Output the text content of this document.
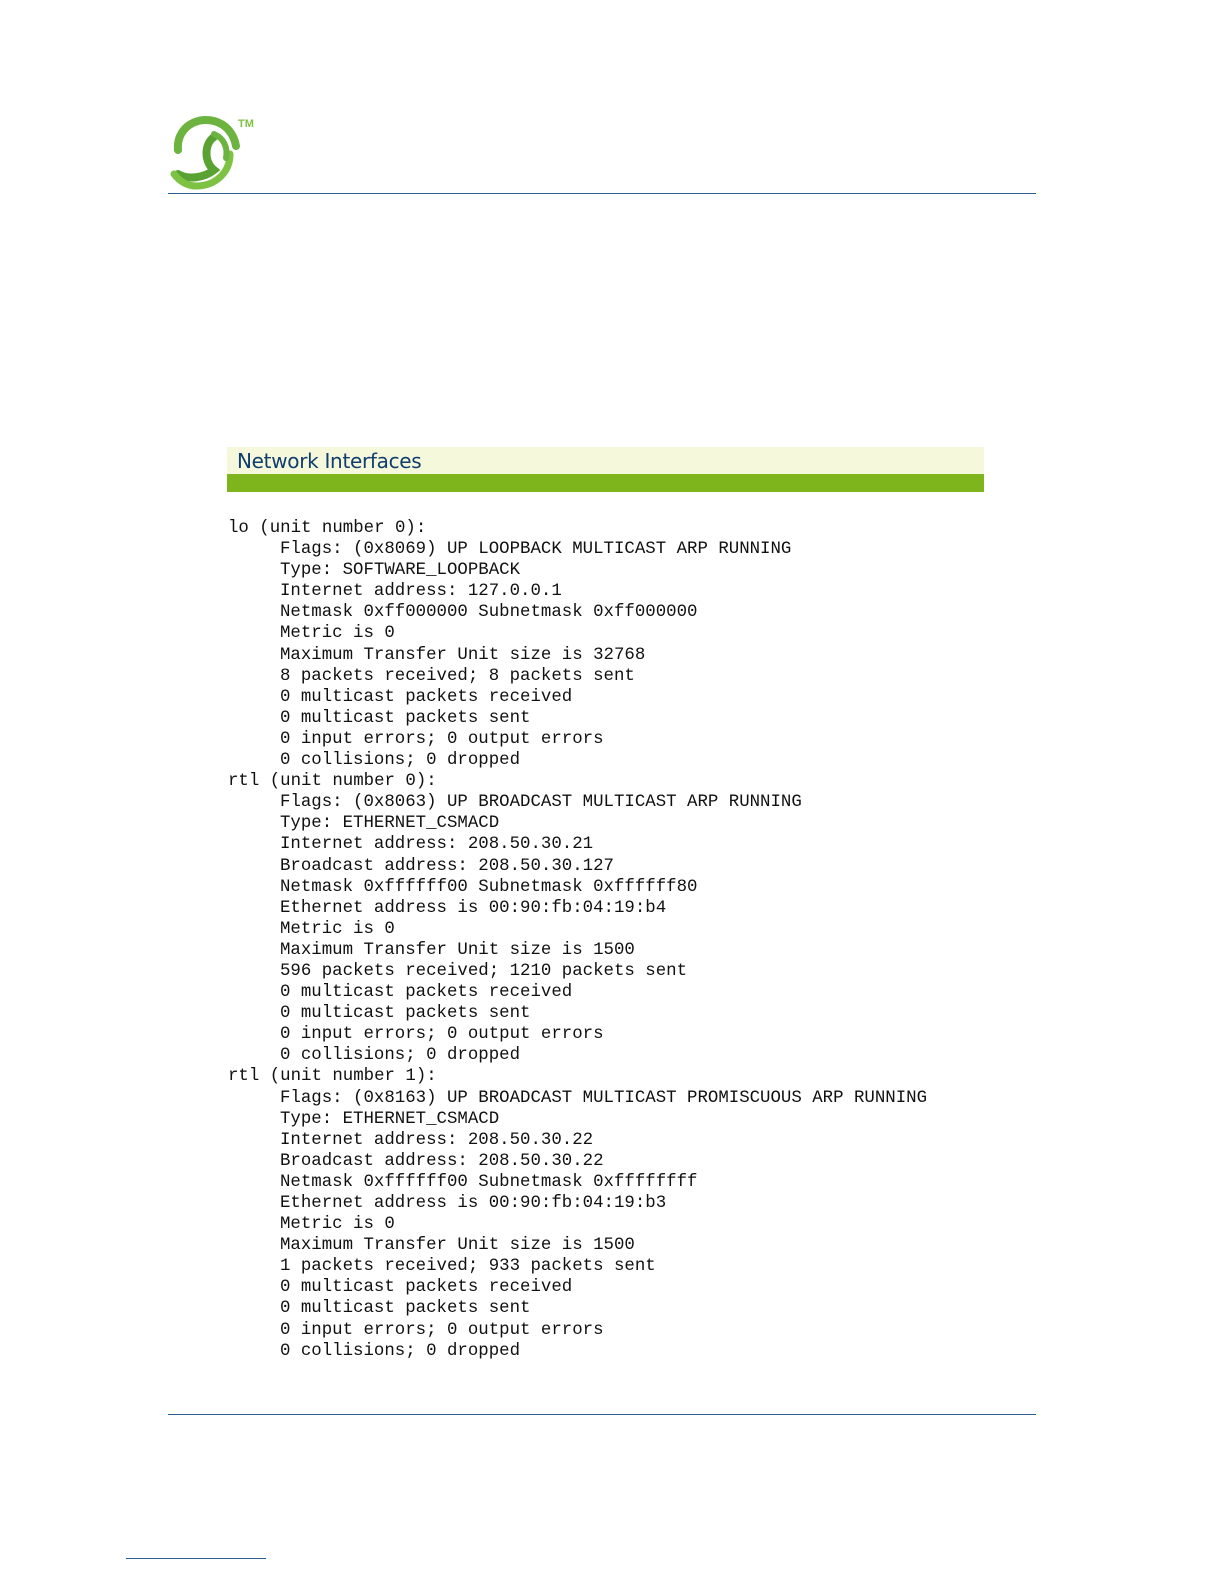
TM
Network Interfaces
lo (unit number 0):
Flags: (0x8069) UP LOOPBACK MULTICAST ARP RUNNING
Type: SOFTWARE_LOOPBACK
Internet address: 127.0.0.1
Netmask 0xff000000 Subnetmask 0xff000000
Metric is 0
Maximum Transfer Unit size is 32768
8 packets received; 8 packets sent
0 multicast packets received
0 multicast packets sent
0 input errors; 0 output errors
0 collisions; 0 dropped
rtl (unit number 0):
Flags: (0x8063) UP BROADCAST MULTICAST ARP RUNNING
Type: ETHERNET_CSMACD
Internet address: 208.50.30.21
Broadcast address: 208.50.30.127
Netmask 0xffffff00 Subnetmask 0xffffff80
Ethernet address is 00:90:fb:04:19:b4
Metric is 0
Maximum Transfer Unit size is 1500
596 packets received; 1210 packets sent
0 multicast packets received
0 multicast packets sent
0 input errors; 0 output errors
0 collisions; 0 dropped
rtl (unit number 1):
Flags: (0x8163) UP BROADCAST MULTICAST PROMISCUOUS ARP RUNNING
Type: ETHERNET_CSMACD
Internet address: 208.50.30.22
Broadcast address: 208.50.30.22
Netmask 0xffffff00 Subnetmask 0xffffffff
Ethernet address is 00:90:fb:04:19:b3
Metric is 0
Maximum Transfer Unit size is 1500
1 packets received; 933 packets sent
0 multicast packets received
0 multicast packets sent
0 input errors; 0 output errors
0 collisions; 0 dropped
